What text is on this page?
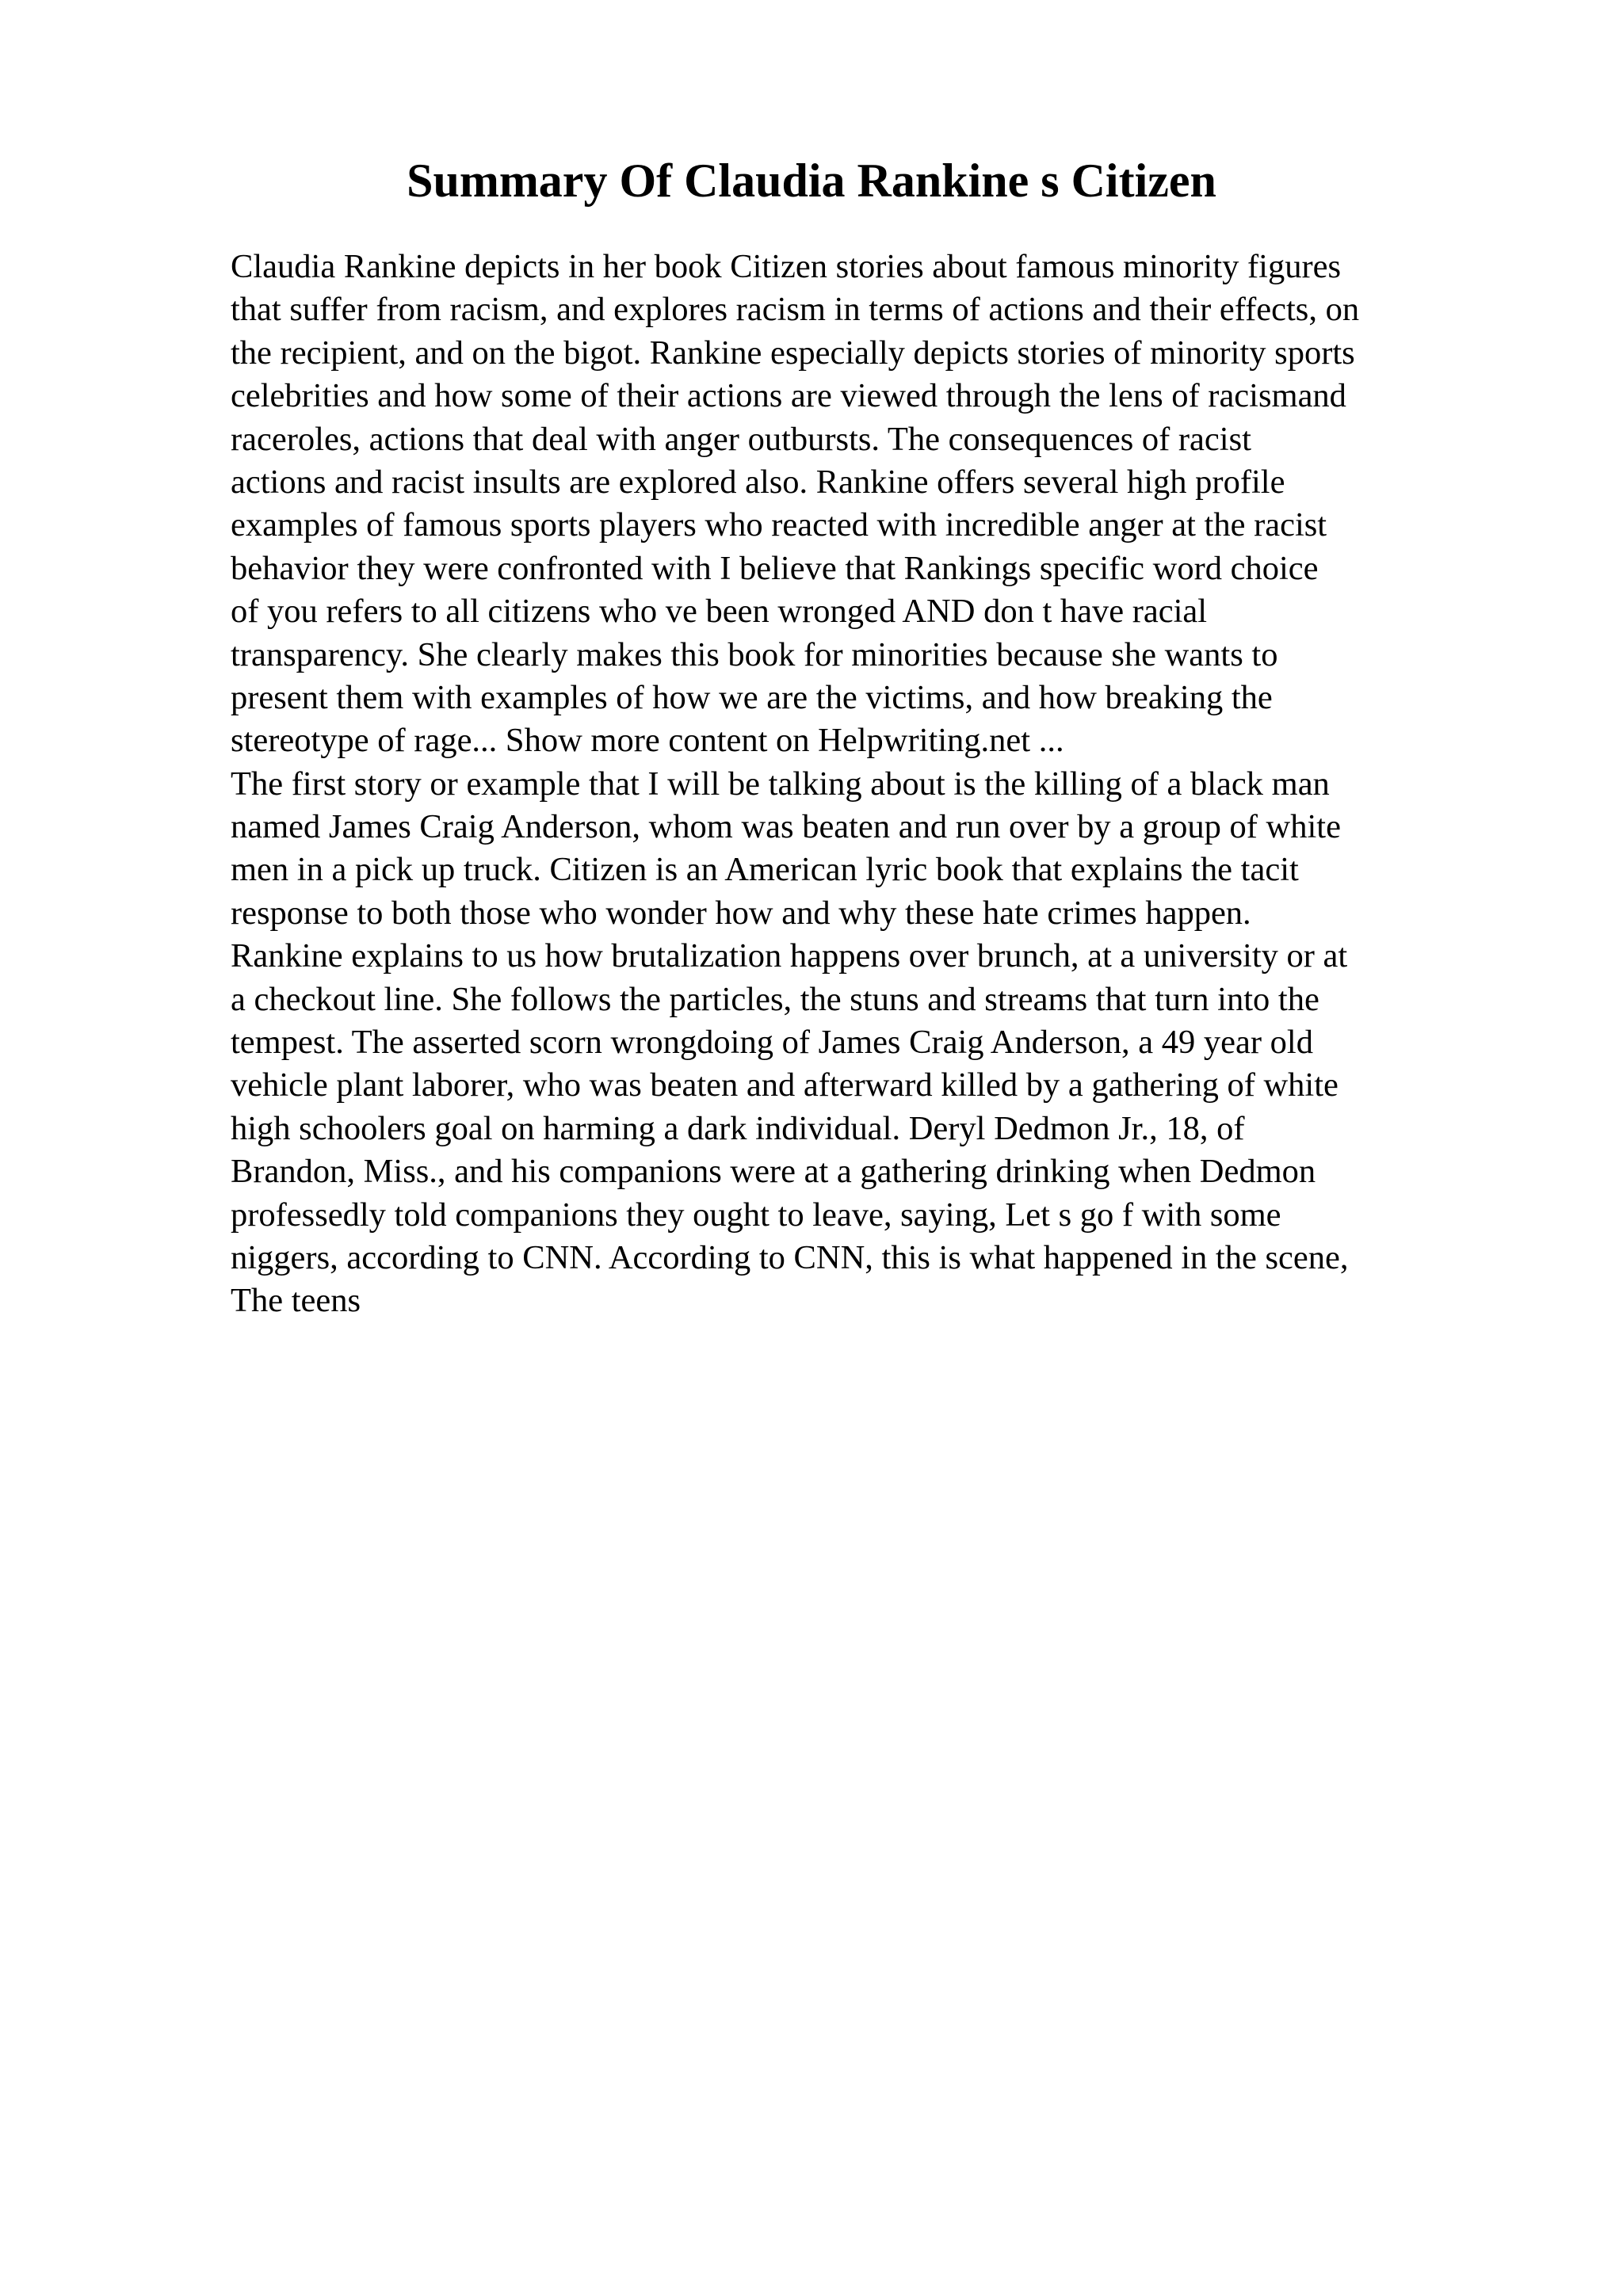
Summary Of Claudia Rankine s Citizen
Claudia Rankine depicts in her book Citizen stories about famous minority figures
that suffer from racism, and explores racism in terms of actions and their effects, on
the recipient, and on the bigot. Rankine especially depicts stories of minority sports
celebrities and how some of their actions are viewed through the lens of racismand
raceroles, actions that deal with anger outbursts. The consequences of racist
actions and racist insults are explored also. Rankine offers several high profile
examples of famous sports players who reacted with incredible anger at the racist
behavior they were confronted with I believe that Rankings specific word choice
of you refers to all citizens who ve been wronged AND don t have racial
transparency. She clearly makes this book for minorities because she wants to
present them with examples of how we are the victims, and how breaking the
stereotype of rage... Show more content on Helpwriting.net ...
The first story or example that I will be talking about is the killing of a black man
named James Craig Anderson, whom was beaten and run over by a group of white
men in a pick up truck. Citizen is an American lyric book that explains the tacit
response to both those who wonder how and why these hate crimes happen.
Rankine explains to us how brutalization happens over brunch, at a university or at
a checkout line. She follows the particles, the stuns and streams that turn into the
tempest. The asserted scorn wrongdoing of James Craig Anderson, a 49 year old
vehicle plant laborer, who was beaten and afterward killed by a gathering of white
high schoolers goal on harming a dark individual. Deryl Dedmon Jr., 18, of
Brandon, Miss., and his companions were at a gathering drinking when Dedmon
professedly told companions they ought to leave, saying, Let s go f with some
niggers, according to CNN. According to CNN, this is what happened in the scene,
The teens
